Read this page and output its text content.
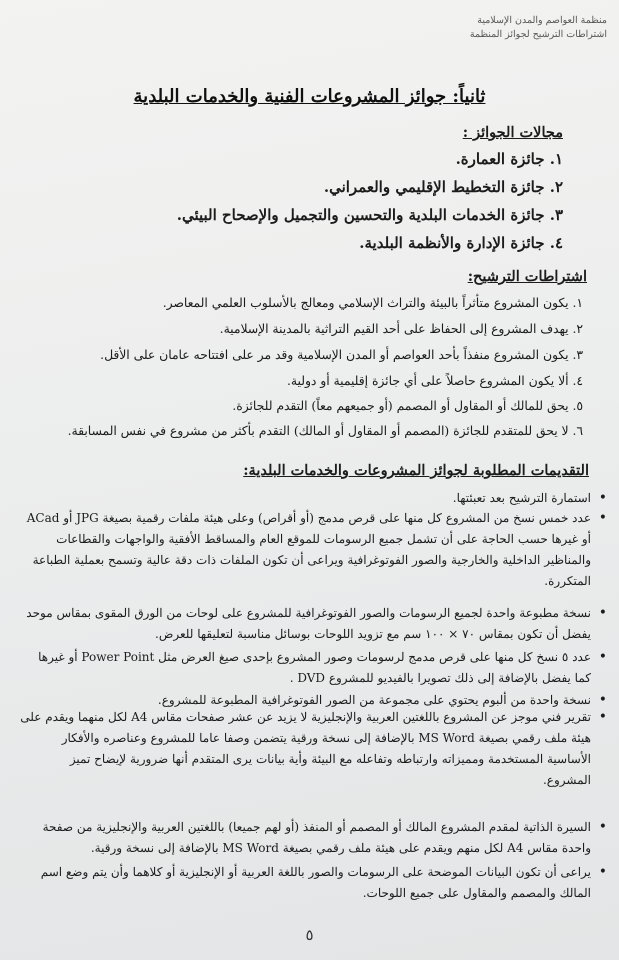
منظمة العواصم والمدن الإسلامية
اشتراطات الترشيح لجوائز المنظمة
ثانياً: جوائز المشروعات الفنية والخدمات البلدية
مجالات الجوائز :
١. جائزة العمارة.
٢. جائزة التخطيط الإقليمي والعمراني.
٣. جائزة الخدمات البلدية والتحسين والتجميل والإصحاح البيئي.
٤. جائزة الإدارة والأنظمة البلدية.
اشتراطات الترشيح:
١. يكون المشروع متأثراً بالبيئة والتراث الإسلامي ومعالج بالأسلوب العلمي المعاصر.
٢. يهدف المشروع إلى الحفاظ على أحد القيم التراثية بالمدينة الإسلامية.
٣. يكون المشروع منفذاً بأحد العواصم أو المدن الإسلامية وقد مر على افتتاحه عامان على الأقل.
٤. ألا يكون المشروع حاصلاً على أي جائزة إقليمية أو دولية.
٥. يحق للمالك أو المقاول أو المصمم (أو جميعهم معاً) التقدم للجائزة.
٦. لا يحق للمتقدم للجائزة (المصمم أو المقاول أو المالك) التقدم بأكثر من مشروع في نفس المسابقة.
التقديمات المطلوبة لجوائز المشروعات والخدمات البلدية:
• استمارة الترشيح بعد تعبئتها.
• عدد خمس نسخ من المشروع كل منها على قرص مدمج (أو أقراص) وعلى هيئة ملفات رقمية بصيغة JPG أو ACad أو غيرها حسب الحاجة على أن تشمل جميع الرسومات للموقع العام والمساقط الأفقية والواجهات والقطاعات والمناظير الداخلية والخارجية والصور الفوتوغرافية ويراعى أن تكون الملفات ذات دقة عالية وتسمح بعملية الطباعة المتكررة.
• نسخة مطبوعة واحدة لجميع الرسومات والصور الفوتوغرافية للمشروع على لوحات من الورق المقوى بمقاس موحد يفضل أن تكون بمقاس ٧٠ × ١٠٠ سم مع تزويد اللوحات بوسائل مناسبة لتعليقها للعرض.
• عدد ٥ نسخ كل منها على قرص مدمج لرسومات وصور المشروع بإحدى صيغ العرض مثل Power Point أو غيرها كما يفضل بالإضافة إلى ذلك تصويرا بالفيديو للمشروع DVD .
• نسخة واحدة من ألبوم يحتوي على مجموعة من الصور الفوتوغرافية المطبوعة للمشروع.
• تقرير فني موجز عن المشروع باللغتين العربية والإنجليزية لا يزيد عن عشر صفحات مقاس A4 لكل منهما ويقدم على هيئة ملف رقمي بصيغة MS Word بالإضافة إلى نسخة ورقية يتضمن وصفا عاما للمشروع وعناصره والأفكار الأساسية المستخدمة ومميزاته وارتباطه وتفاعله مع البيئة وأية بيانات يرى المتقدم أنها ضرورية لإيضاح تميز المشروع.
• السيرة الذاتية لمقدم المشروع المالك أو المصمم أو المنفذ (أو لهم جميعا) باللغتين العربية والإنجليزية من صفحة واحدة مقاس A4 لكل منهم ويقدم على هيئة ملف رقمي بصيغة MS Word بالإضافة إلى نسخة ورقية.
• يراعى أن تكون البيانات الموضحة على الرسومات والصور باللغة العربية أو الإنجليزية أو كلاهما وأن يتم وضع اسم المالك والمصمم والمقاول على جميع اللوحات.
٥
